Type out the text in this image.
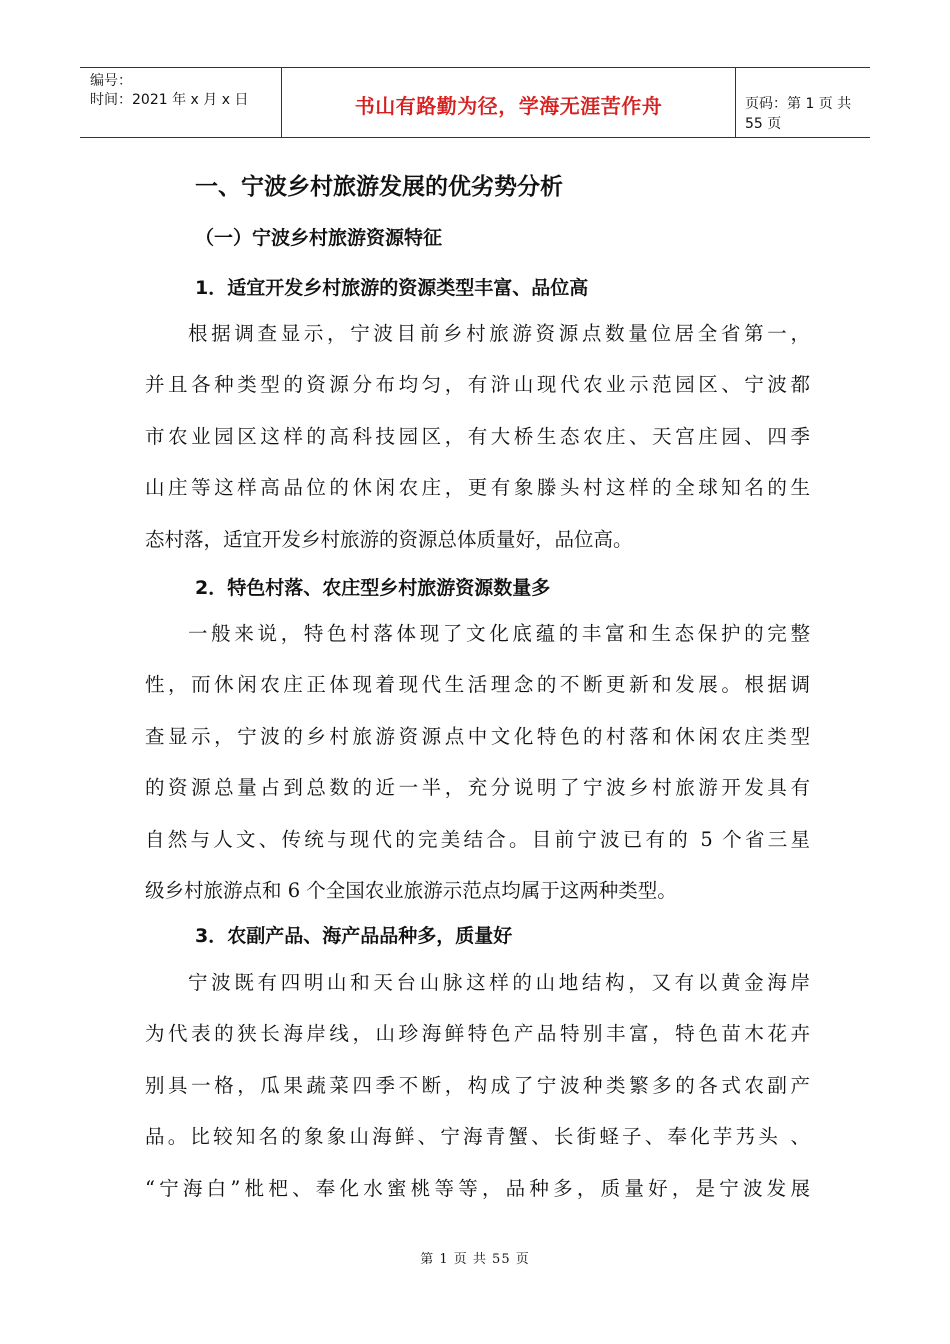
编号：
时间：2021 年 x 月 x 日	书山有路勤为径，学海无涯苦作舟	页码：第 1 页 共 55 页
一、宁波乡村旅游发展的优劣势分析
（一）宁波乡村旅游资源特征
1．适宜开发乡村旅游的资源类型丰富、品位高
根据调查显示，宁波目前乡村旅游资源点数量位居全省第一，
并且各种类型的资源分布均匀，有浒山现代农业示范园区、宁波都
市农业园区这样的高科技园区，有大桥生态农庄、天宫庄园、四季
山庄等这样高品位的休闲农庄，更有象滕头村这样的全球知名的生
态村落，适宜开发乡村旅游的资源总体质量好，品位高。
2．特色村落、农庄型乡村旅游资源数量多
一般来说，特色村落体现了文化底蕴的丰富和生态保护的完整
性，而休闲农庄正体现着现代生活理念的不断更新和发展。根据调
查显示，宁波的乡村旅游资源点中文化特色的村落和休闲农庄类型
的资源总量占到总数的近一半，充分说明了宁波乡村旅游开发具有
自然与人文、传统与现代的完美结合。目前宁波已有的 5 个省三星
级乡村旅游点和 6 个全国农业旅游示范点均属于这两种类型。
3．农副产品、海产品品种多，质量好
宁波既有四明山和天台山脉这样的山地结构，又有以黄金海岸
为代表的狭长海岸线，山珍海鲜特色产品特别丰富，特色苗木花卉
别具一格，瓜果蔬菜四季不断，构成了宁波种类繁多的各式农副产
品。比较知名的象象山海鲜、宁海青蟹、长街蛏子、奉化芋艿头 、
“宁海白”枇杷、奉化水蜜桃等等，品种多，质量好，是宁波发展
第 1 页 共 55 页
